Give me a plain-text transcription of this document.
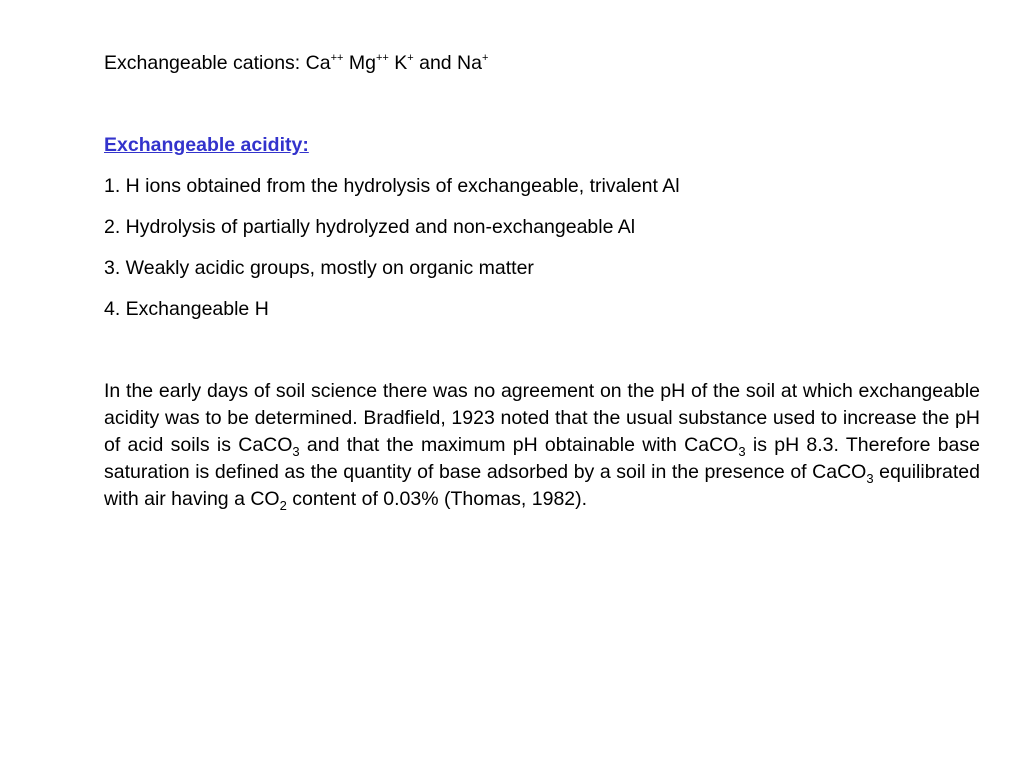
Exchangeable cations: Ca++ Mg++ K+ and Na+
Exchangeable acidity:
1. H ions obtained from the hydrolysis of exchangeable, trivalent Al
2. Hydrolysis of partially hydrolyzed and non-exchangeable Al
3. Weakly acidic groups, mostly on organic matter
4. Exchangeable H
In the early days of soil science there was no agreement on the pH of the soil at which exchangeable acidity was to be determined. Bradfield, 1923 noted that the usual substance used to increase the pH of acid soils is CaCO$_3$ and that the maximum pH obtainable with CaCO$_3$ is pH 8.3. Therefore base saturation is defined as the quantity of base adsorbed by a soil in the presence of CaCO$_3$ equilibrated with air having a $CO_2$ content of 0.03% (Thomas, 1982).
